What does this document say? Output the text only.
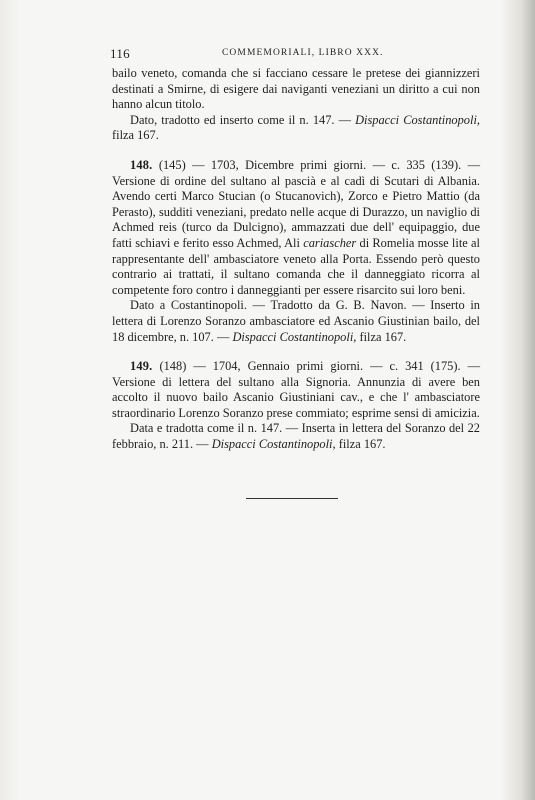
116	COMMEMORIALI, LIBRO XXX.

bailo veneto, comanda che si facciano cessare le pretese dei giannizzeri destinati a Smirne, di esigere dai naviganti veneziani un diritto a cui non hanno alcun titolo.

Dato, tradotto ed inserto come il n. 147. — Dispacci Costantinopoli, filza 167.

148. (145) — 1703, Dicembre primi giorni. — c. 335 (139). — Versione di ordine del sultano al pascià e al cadì di Scutari di Albania. Avendo certi Marco Stucian (o Stucanovich), Zorco e Pietro Mattio (da Perasto), sudditi veneziani, predato nelle acque di Durazzo, un naviglio di Achmed reis (turco da Dulcigno), ammazzati due dell' equipaggio, due fatti schiavi e ferito esso Achmed, Ali cariascher di Romelia mosse lite al rappresentante dell' ambasciatore veneto alla Porta. Essendo però questo contrario ai trattati, il sultano comanda che il danneggiato ricorra al competente foro contro i danneggianti per essere risarcito sui loro beni.

Dato a Costantinopoli. — Tradotto da G. B. Navon. — Inserto in lettera di Lorenzo Soranzo ambasciatore ed Ascanio Giustinian bailo, del 18 dicembre, n. 107. — Dispacci Costantinopoli, filza 167.

149. (148) — 1704, Gennaio primi giorni. — c. 341 (175). — Versione di lettera del sultano alla Signoria. Annunzia di avere ben accolto il nuovo bailo Ascanio Giustiniani cav., e che l' ambasciatore straordinario Lorenzo Soranzo prese commiato; esprime sensi di amicizia.

Data e tradotta come il n. 147. — Inserta in lettera del Soranzo del 22 febbraio, n. 211. — Dispacci Costantinopoli, filza 167.
